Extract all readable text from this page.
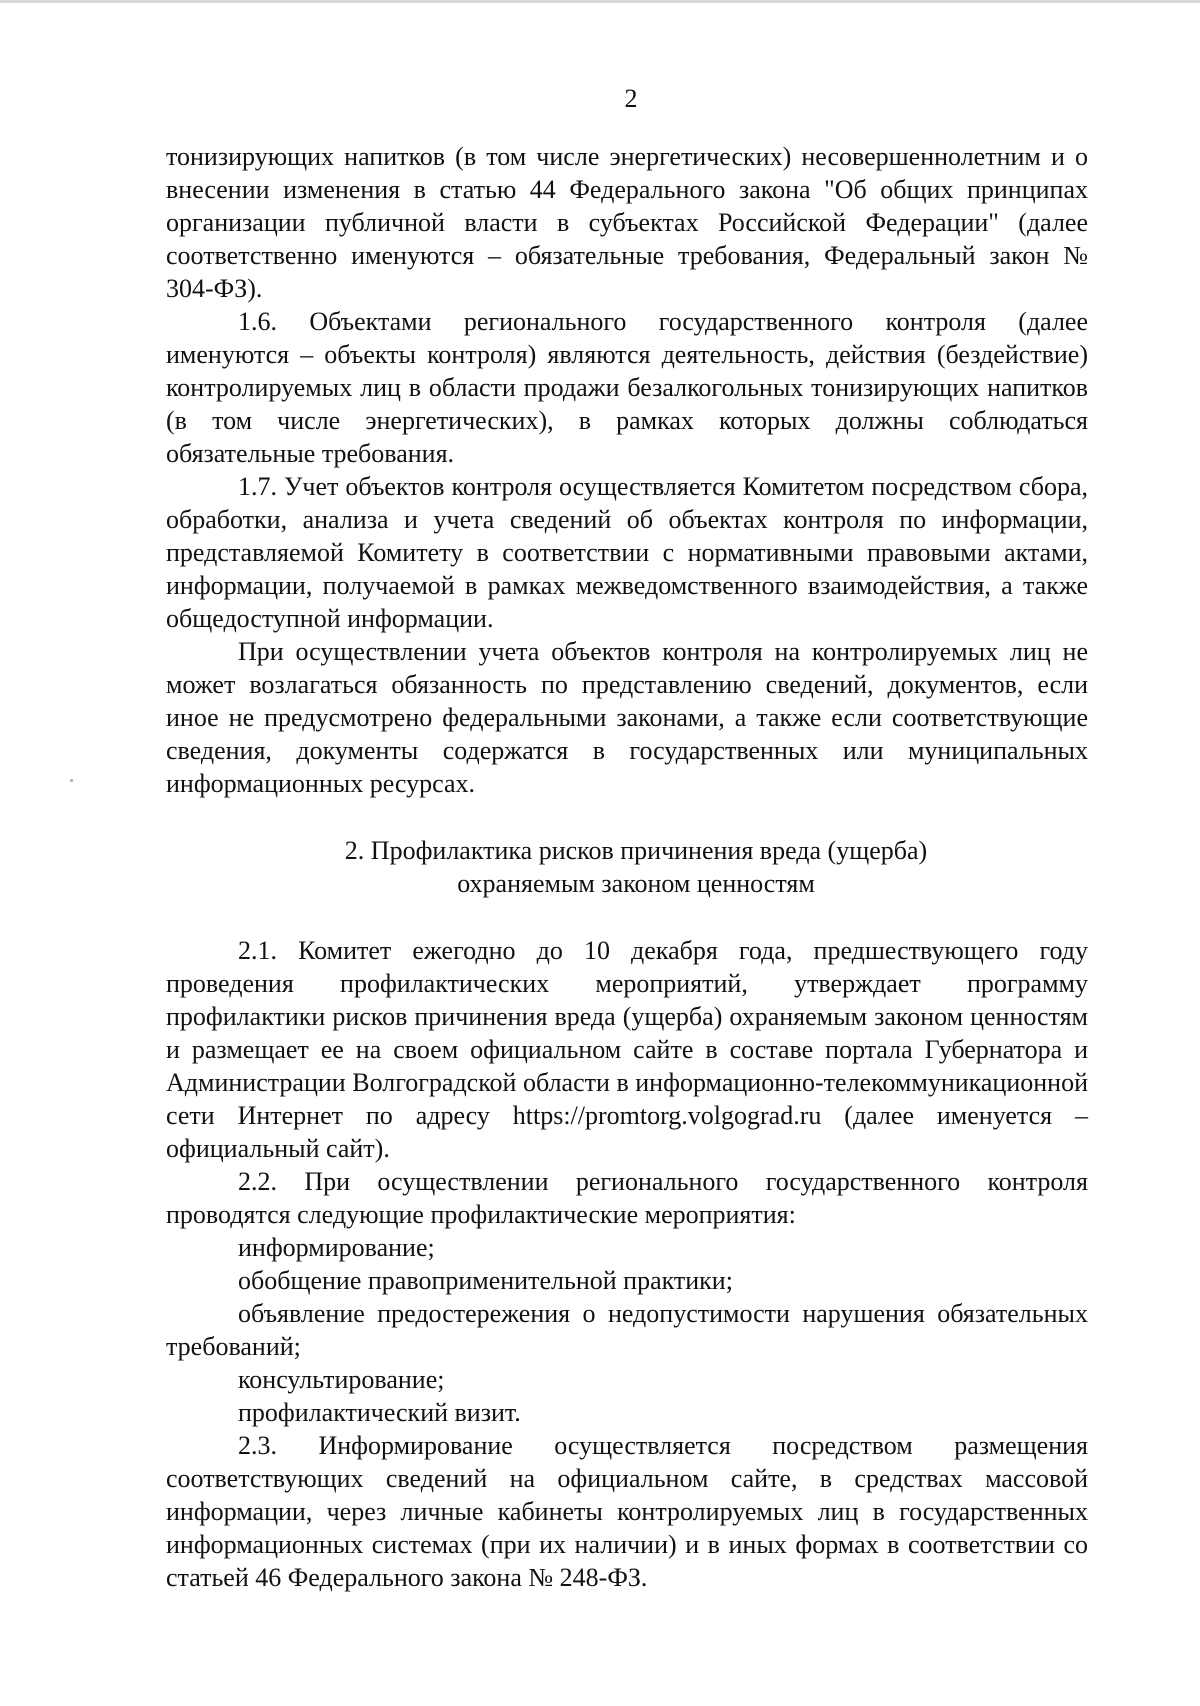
2

тонизирующих напитков (в том числе энергетических) несовершеннолетним и о внесении изменения в статью 44 Федерального закона "Об общих принципах организации публичной власти в субъектах Российской Федерации" (далее соответственно именуются – обязательные требования, Федеральный закон № 304-ФЗ).

1.6. Объектами регионального государственного контроля (далее именуются – объекты контроля) являются деятельность, действия (бездействие) контролируемых лиц в области продажи безалкогольных тонизирующих напитков (в том числе энергетических), в рамках которых должны соблюдаться обязательные требования.

1.7. Учет объектов контроля осуществляется Комитетом посредством сбора, обработки, анализа и учета сведений об объектах контроля по информации, представляемой Комитету в соответствии с нормативными правовыми актами, информации, получаемой в рамках межведомственного взаимодействия, а также общедоступной информации.

При осуществлении учета объектов контроля на контролируемых лиц не может возлагаться обязанность по представлению сведений, документов, если иное не предусмотрено федеральными законами, а также если соответствующие сведения, документы содержатся в государственных или муниципальных информационных ресурсах.

2. Профилактика рисков причинения вреда (ущерба)

охраняемым законом ценностям

2.1. Комитет ежегодно до 10 декабря года, предшествующего году проведения профилактических мероприятий, утверждает программу профилактики рисков причинения вреда (ущерба) охраняемым законом ценностям и размещает ее на своем официальном сайте в составе портала Губернатора и Администрации Волгоградской области в информационно-телекоммуникационной сети Интернет по адресу https://promtorg.volgograd.ru (далее именуется – официальный сайт).

2.2. При осуществлении регионального государственного контроля проводятся следующие профилактические мероприятия:

информирование;

обобщение правоприменительной практики;

объявление предостережения о недопустимости нарушения обязательных требований;

консультирование;

профилактический визит.

2.3. Информирование осуществляется посредством размещения соответствующих сведений на официальном сайте, в средствах массовой информации, через личные кабинеты контролируемых лиц в государственных информационных системах (при их наличии) и в иных формах в соответствии со статьей 46 Федерального закона № 248-ФЗ.
